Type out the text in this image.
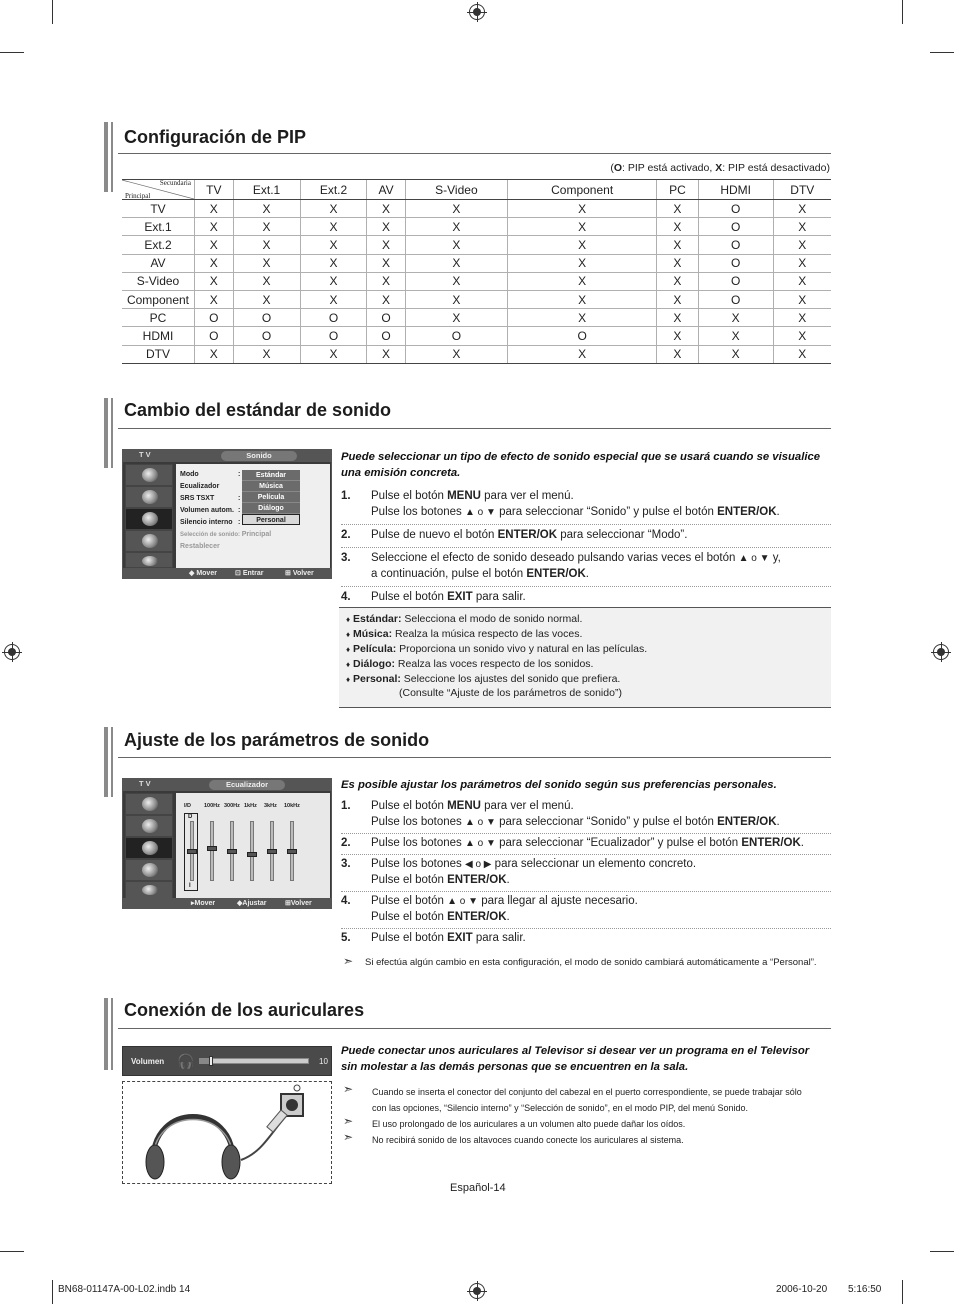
Configuración de PIP
(O: PIP está activado, X: PIP está desactivado)
Secundaria
Principal	TV	Ext.1	Ext.2	AV	S-Video	Component	PC	HDMI	DTV
TV	X	X	X	X	X	X	X	O	X
Ext.1	X	X	X	X	X	X	X	O	X
Ext.2	X	X	X	X	X	X	X	O	X
AV	X	X	X	X	X	X	X	O	X
S-Video	X	X	X	X	X	X	X	O	X
Component	X	X	X	X	X	X	X	O	X
PC	O	O	O	O	X	X	X	X	X
HDMI	O	O	O	O	O	O	X	X	X
DTV	X	X	X	X	X	X	X	X	X
Cambio del estándar de sonido
T V	Sonido
Modo
Ecualizador
SRS TSXT
Volumen autom.
Silencio interno
:
:
:
:
Selección de sonido: Principal
Restablecer
Estándar
Música
Película
Diálogo
Personal
◆ Mover	⊡ Entrar	⊞ Volver
Puede seleccionar un tipo de efecto de sonido especial que se usará cuando se visualice una emisión concreta.
1. Pulse el botón MENU para ver el menú.
Pulse los botones ▲ o ▼ para seleccionar “Sonido” y pulse el botón ENTER/OK.
2. Pulse de nuevo el botón ENTER/OK para seleccionar “Modo”.
3. Seleccione el efecto de sonido deseado pulsando varias veces el botón ▲ o ▼ y,
a continuación, pulse el botón ENTER/OK.
4. Pulse el botón EXIT para salir.
♦ Estándar: Selecciona el modo de sonido normal.
♦ Música: Realza la música respecto de las voces.
♦ Película: Proporciona un sonido vivo y natural en las películas.
♦ Diálogo: Realza las voces respecto de los sonidos.
♦ Personal: Seleccione los ajustes del sonido que prefiera.
(Consulte “Ajuste de los parámetros de sonido”)
Ajuste de los parámetros de sonido
T V	Ecualizador
I/D 100Hz 300Hz 1kHz 3kHz 10kHz
D
I
▸Mover	◆Ajustar	⊞Volver
Es posible ajustar los parámetros del sonido según sus preferencias personales.
1. Pulse el botón MENU para ver el menú.
Pulse los botones ▲ o ▼ para seleccionar “Sonido” y pulse el botón ENTER/OK.
2. Pulse los botones ▲ o ▼ para seleccionar “Ecualizador” y pulse el botón ENTER/OK.
3. Pulse los botones ◀ o ▶ para seleccionar un elemento concreto.
Pulse el botón ENTER/OK.
4. Pulse el botón ▲ o ▼ para llegar al ajuste necesario.
Pulse el botón ENTER/OK.
5. Pulse el botón EXIT para salir.
➣ Si efectúa algún cambio en esta configuración, el modo de sonido cambiará automáticamente a “Personal”.
Conexión de los auriculares
Volumen 🎧	10
Puede conectar unos auriculares al Televisor si desear ver un programa en el Televisor sin molestar a las demás personas que se encuentren en la sala.
➣ Cuando se inserta el conector del conjunto del cabezal en el puerto correspondiente, se puede trabajar sólo
con las opciones, “Silencio interno” y “Selección de sonido”, en el modo PIP, del menú Sonido.
➣ El uso prolongado de los auriculares a un volumen alto puede dañar los oídos.
➣ No recibirá sonido de los altavoces cuando conecte los auriculares al sistema.
Español-14
BN68-01147A-00-L02.indb 14	2006-10-20 5:16:50
